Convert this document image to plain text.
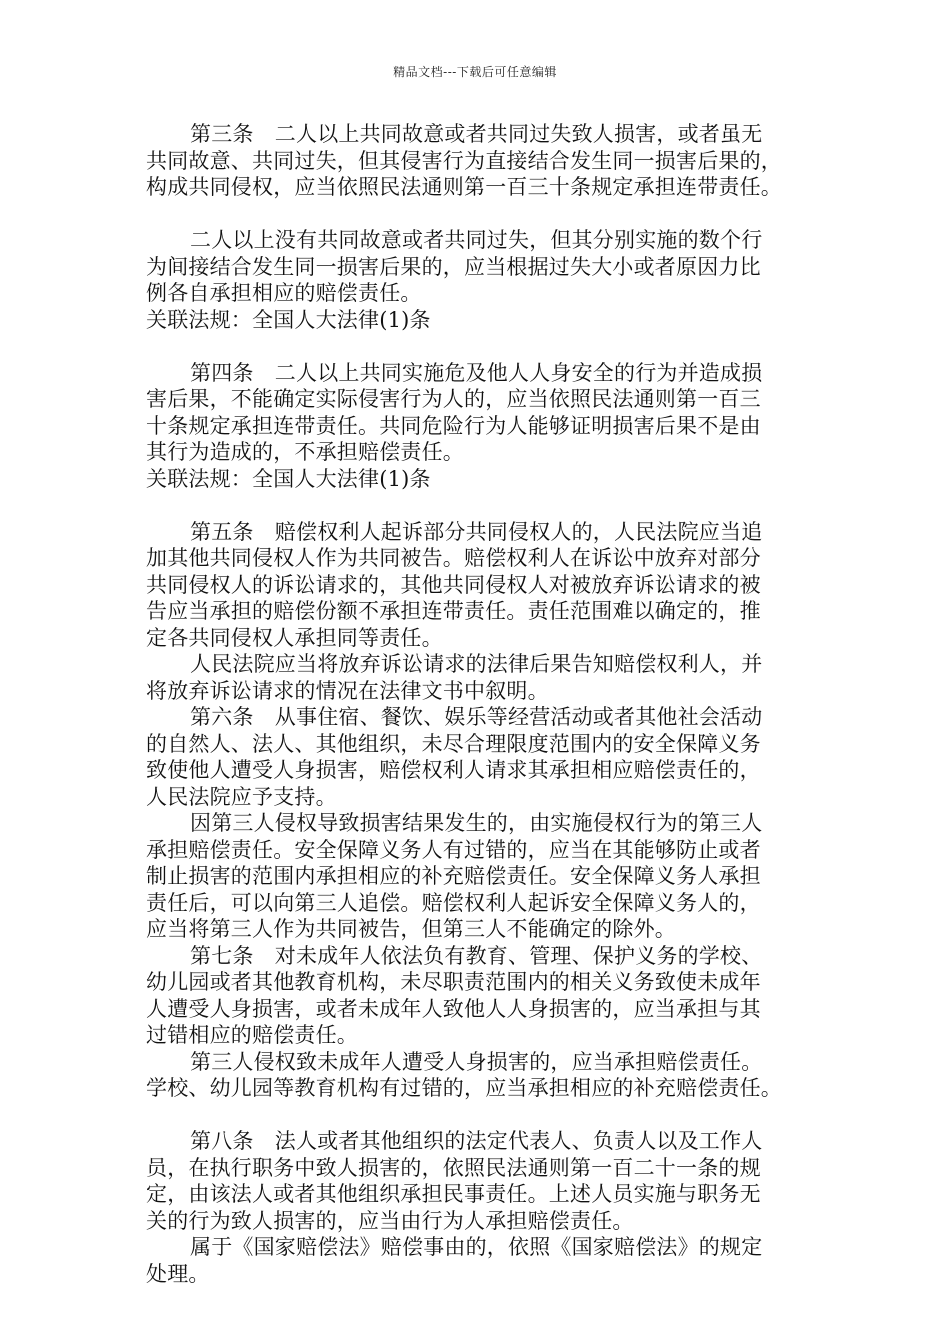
精品文档---下载后可任意编辑
第三条　二人以上共同故意或者共同过失致人损害，或者虽无
共同故意、共同过失，但其侵害行为直接结合发生同一损害后果的，
构成共同侵权，应当依照民法通则第一百三十条规定承担连带责任。
二人以上没有共同故意或者共同过失，但其分别实施的数个行
为间接结合发生同一损害后果的，应当根据过失大小或者原因力比
例各自承担相应的赔偿责任。
关联法规：全国人大法律(1)条
第四条　二人以上共同实施危及他人人身安全的行为并造成损
害后果，不能确定实际侵害行为人的，应当依照民法通则第一百三
十条规定承担连带责任。共同危险行为人能够证明损害后果不是由
其行为造成的，不承担赔偿责任。
关联法规：全国人大法律(1)条
第五条　赔偿权利人起诉部分共同侵权人的，人民法院应当追
加其他共同侵权人作为共同被告。赔偿权利人在诉讼中放弃对部分
共同侵权人的诉讼请求的，其他共同侵权人对被放弃诉讼请求的被
告应当承担的赔偿份额不承担连带责任。责任范围难以确定的，推
定各共同侵权人承担同等责任。
人民法院应当将放弃诉讼请求的法律后果告知赔偿权利人，并
将放弃诉讼请求的情况在法律文书中叙明。
第六条　从事住宿、餐饮、娱乐等经营活动或者其他社会活动
的自然人、法人、其他组织，未尽合理限度范围内的安全保障义务
致使他人遭受人身损害，赔偿权利人请求其承担相应赔偿责任的，
人民法院应予支持。
因第三人侵权导致损害结果发生的，由实施侵权行为的第三人
承担赔偿责任。安全保障义务人有过错的，应当在其能够防止或者
制止损害的范围内承担相应的补充赔偿责任。安全保障义务人承担
责任后，可以向第三人追偿。赔偿权利人起诉安全保障义务人的，
应当将第三人作为共同被告，但第三人不能确定的除外。
第七条　对未成年人依法负有教育、管理、保护义务的学校、
幼儿园或者其他教育机构，未尽职责范围内的相关义务致使未成年
人遭受人身损害，或者未成年人致他人人身损害的，应当承担与其
过错相应的赔偿责任。
第三人侵权致未成年人遭受人身损害的，应当承担赔偿责任。
学校、幼儿园等教育机构有过错的，应当承担相应的补充赔偿责任。
第八条　法人或者其他组织的法定代表人、负责人以及工作人
员，在执行职务中致人损害的，依照民法通则第一百二十一条的规
定，由该法人或者其他组织承担民事责任。上述人员实施与职务无
关的行为致人损害的，应当由行为人承担赔偿责任。
属于《国家赔偿法》赔偿事由的，依照《国家赔偿法》的规定
处理。
